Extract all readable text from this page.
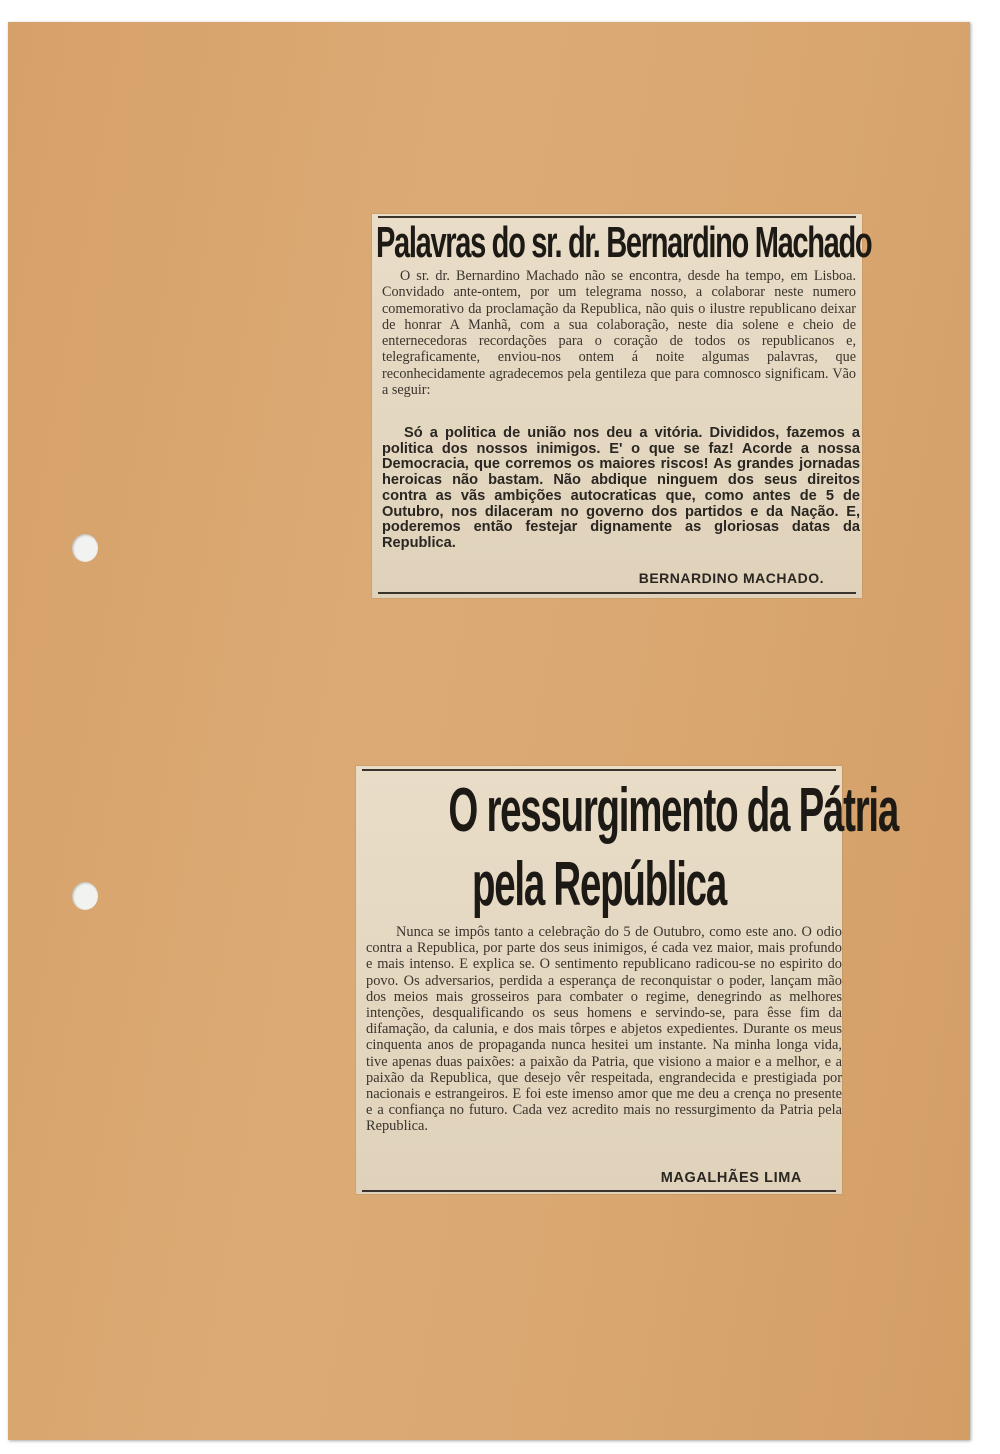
Palavras do sr. dr. Bernardino Machado
O sr. dr. Bernardino Machado não se encontra, desde ha tempo, em Lisboa. Convidado ante-ontem, por um telegrama nosso, a colaborar neste numero comemorativo da proclamação da Republica, não quis o ilustre republicano deixar de honrar A Manhã, com a sua colaboração, neste dia solene e cheio de enternecedoras recordações para o coração de todos os republicanos e, telegraficamente, enviou-nos ontem á noite algumas palavras, que reconhecidamente agradecemos pela gentileza que para comnosco significam. Vão a seguir:
Só a politica de união nos deu a vitória. Divididos, fazemos a politica dos nossos inimigos. E' o que se faz! Acorde a nossa Democracia, que corremos os maiores riscos! As grandes jornadas heroicas não bastam. Não abdique ninguem dos seus direitos contra as vãs ambições autocraticas que, como antes de 5 de Outubro, nos dilaceram no governo dos partidos e da Nação. E, poderemos então festejar dignamente as gloriosas datas da Republica.
BERNARDINO MACHADO.
O ressurgimento da Pátria
pela República
Nunca se impôs tanto a celebração do 5 de Outubro, como este ano. O odio contra a Republica, por parte dos seus inimigos, é cada vez maior, mais profundo e mais intenso. E explica se. O sentimento republicano radicou-se no espirito do povo. Os adversarios, perdida a esperança de reconquistar o poder, lançam mão dos meios mais grosseiros para combater o regime, denegrindo as melhores intenções, desqualificando os seus homens e servindo-se, para êsse fim da difamação, da calunia, e dos mais tôrpes e abjetos expedientes. Durante os meus cinquenta anos de propaganda nunca hesitei um instante. Na minha longa vida, tive apenas duas paixões: a paixão da Patria, que visiono a maior e a melhor, e a paixão da Republica, que desejo vêr respeitada, engrandecida e prestigiada por nacionais e estrangeiros. E foi este imenso amor que me deu a crença no presente e a confiança no futuro. Cada vez acredito mais no ressurgimento da Patria pela Republica.
MAGALHÃES LIMA
